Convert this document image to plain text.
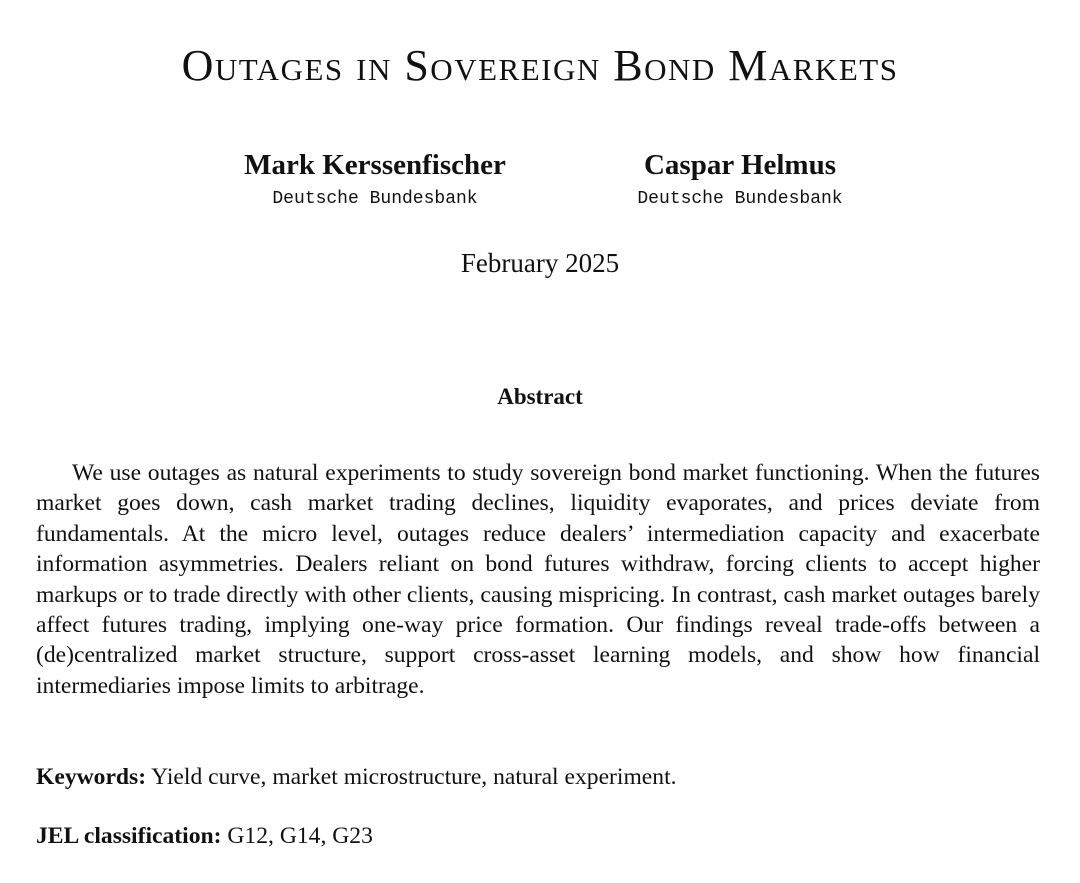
Outages in Sovereign Bond Markets
Mark Kerssenfischer
Deutsche Bundesbank
Caspar Helmus
Deutsche Bundesbank
February 2025
Abstract

We use outages as natural experiments to study sovereign bond market functioning. When the futures market goes down, cash market trading declines, liquidity evaporates, and prices deviate from fundamentals. At the micro level, outages reduce dealers’ intermediation capacity and exacerbate information asymmetries. Dealers reliant on bond futures withdraw, forcing clients to accept higher markups or to trade directly with other clients, causing mispricing. In contrast, cash market outages barely affect futures trading, implying one-way price formation. Our findings reveal trade-offs between a (de)centralized market structure, support cross-asset learning models, and show how financial intermediaries impose limits to arbitrage.

Keywords: Yield curve, market microstructure, natural experiment.
JEL classification: G12, G14, G23
